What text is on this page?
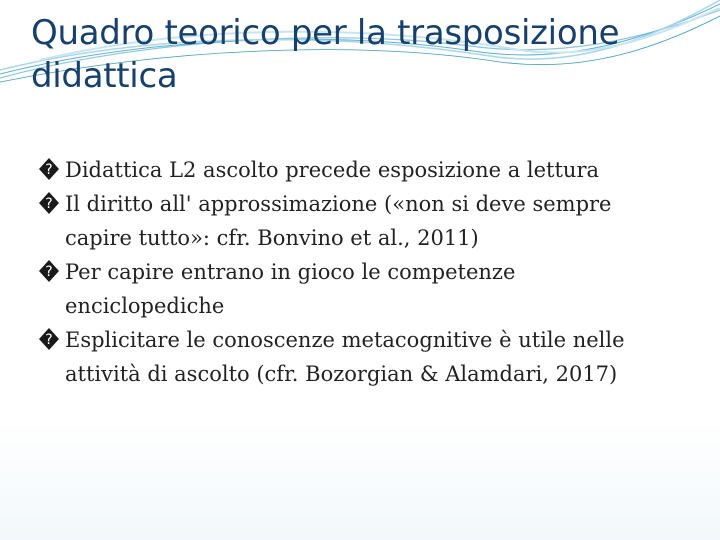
Quadro teorico per la trasposizione didattica
? Didattica L2 ascolto precede esposizione a lettura
? Il diritto all' approssimazione («non si deve sempre capire tutto»: cfr. Bonvino et al., 2011)
? Per capire entrano in gioco le competenze enciclopediche
? Esplicitare le conoscenze metacognitive è utile nelle attività di ascolto (cfr. Bozorgian & Alamdari, 2017)
